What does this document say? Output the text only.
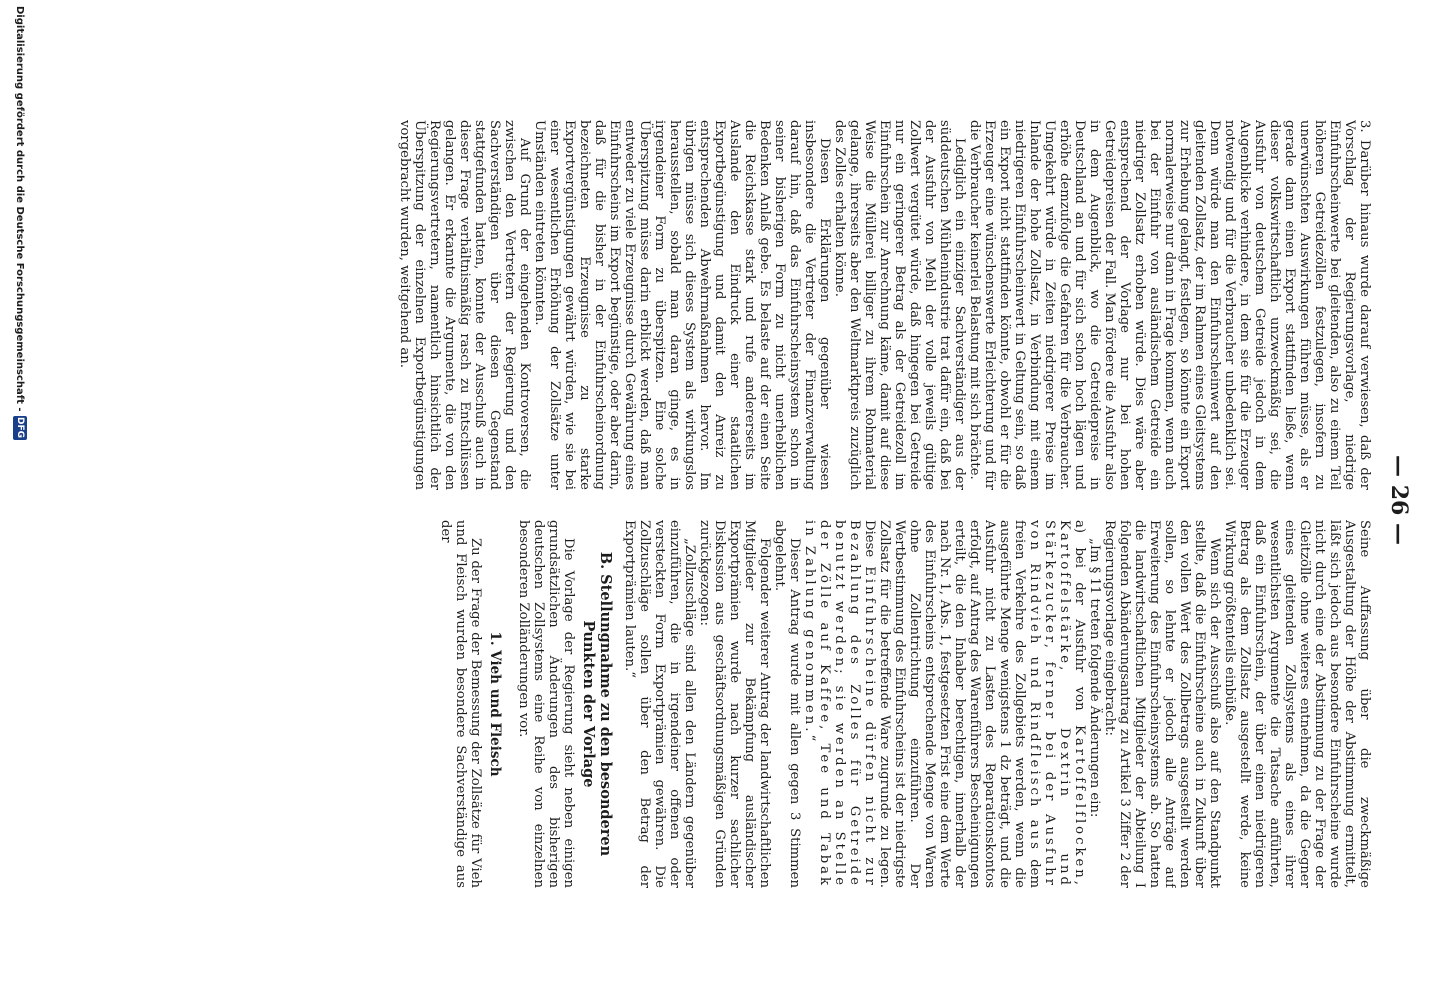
— 26 —

3. Darüber hinaus wurde darauf verwiesen, daß der Vorschlag der Regierungsvorlage, niedrige Einfuhrscheinwerte bei gleitenden, also zu einem Teil höheren Getreidezöllen festzulegen, insofern zu unerwünschten Auswirkungen führen müsse, als er gerade dann einen Export stattfinden ließe, wenn dieser volkswirtschaftlich unzweckmäßig sei, die Ausfuhr von deutschem Getreide jedoch in dem Augenblicke verhindere, in dem sie für die Erzeuger notwendig und für die Verbraucher unbedenklich sei. Denn würde man den Einfuhrscheinwert auf den gleitenden Zollsatz, der im Rahmen eines Gleitsystems zur Erhebung gelangt, festlegen, so könnte ein Export normalerweise nur dann in Frage kommen, wenn auch bei der Einfuhr von ausländischem Getreide ein niedriger Zollsatz erhoben würde. Dies wäre aber entsprechend der Vorlage nur bei hohen Getreidepreisen der Fall. Man fördere die Ausfuhr also in dem Augenblick, wo die Getreidepreise in Deutschland an und für sich schon hoch lägen und erhöhe demzufolge die Gefahren für die Verbraucher. Umgekehrt würde in Zeiten niedrigerer Preise im Inlande der hohe Zollsatz, in Verbindung mit einem niedrigeren Einfuhrscheinwert in Geltung sein, so daß ein Export nicht stattfinden könnte, obwohl er für die Erzeuger eine wünschenswerte Erleichterung und für die Verbraucher keinerlei Belastung mit sich brächte.

Lediglich ein einziger Sachverständiger aus der süddeutschen Mühlenindustrie trat dafür ein, daß bei der Ausfuhr von Mehl der volle jeweils gültige Zollwert vergütet würde, daß hingegen bei Getreide nur ein geringerer Betrag als der Getreidezoll im Einfuhrschein zur Anrechnung käme, damit auf diese Weise die Müllerei billiger zu ihrem Rohmaterial gelange, ihrerseits aber den Weltmarktpreis zuzüglich des Zolles erhalten könne.

Diesen Erklärungen gegenüber wiesen insbesondere die Vertreter der Finanzverwaltung darauf hin, daß das Einfuhrscheinsystem schon in seiner bisherigen Form zu nicht unerheblichen Bedenken Anlaß gebe. Es belaste auf der einen Seite die Reichskasse stark und rufe andererseits im Auslande den Eindruck einer staatlichen Exportbegünstigung und damit den Anreiz zu entsprechenden Abwehrmaßnahmen hervor. Im übrigen müsse sich dieses System als wirkungslos herausstellen, sobald man daran ginge, es in irgendeiner Form zu überspitzen. Eine solche Überspitzung müsse darin erblickt werden, daß man entweder zu viele Erzeugnisse durch Gewährung eines Einfuhrscheins im Export begünstige, oder aber darin, daß für die bisher in der Einfuhrscheinordnung bezeichneten Erzeugnisse zu starke Exportvergünstigungen gewährt würden, wie sie bei einer wesentlichen Erhöhung der Zollsätze unter Umständen eintreten könnten.

Auf Grund der eingehenden Kontroversen, die zwischen den Vertretern der Regierung und den Sachverständigen über diesen Gegenstand stattgefunden hatten, konnte der Ausschuß auch in dieser Frage verhältnismäßig rasch zu Entschlüssen gelangen. Er erkannte die Argumente, die von den Regierungsvertretern, namentlich hinsichtlich der Überspitzung der einzelnen Exportbegünstigungen vorgebracht wurden, weitgehend an.

Seine Auffassung über die zweckmäßige Ausgestaltung der Höhe der Abstimmung ermittelt, läßt sich jedoch aus besondere Einfuhrscheine wurde nicht durch eine der Abstimmung zu der Frage der Gleitzölle ohne weiteres entnehmen, da die Gegner eines gleitenden Zollsystems als eines ihrer wesentlichsten Argumente die Tatsache anführten, daß ein Einfuhrschein, der über einen niedrigeren Betrag als dem Zollsatz ausgestellt werde, keine Wirkung größtenteils einbüße.

Wenn sich der Ausschuß also auf den Standpunkt stellte, daß die Einfuhrscheine auch in Zukunft über den vollen Wert des Zollbetrags ausgestellt werden sollen, so lehnte er jedoch alle Anträge auf Erweiterung des Einfuhrscheinsystems ab. So hatten die landwirtschaftlichen Mitglieder der Abteilung I folgenden Abänderungsantrag zu Artikel 3 Ziffer 2 der Regierungsvorlage eingebracht:

„Im § 11 treten folgende Änderungen ein:

a) bei der Ausfuhr von Kartoffelflocken, Kartoffelstärke, Dextrin und Stärkezucker, ferner bei der Ausfuhr von Rindvieh und Rindfleisch aus dem freien Verkehre des Zollgebiets werden, wenn die ausgeführte Menge wenigstens 1 dz beträgt, und die Ausfuhr nicht zu Lasten des Reparationskontos erfolgt, auf Antrag des Warenführers Bescheinigungen erteilt, die den Inhaber berechtigen, innerhalb der nach Nr. 1, Abs. 1, festgesetzten Frist eine dem Werte des Einfuhrscheins entsprechende Menge von Waren ohne Zollentrichtung einzuführen. Der Wertbestimmung des Einfuhrscheins ist der niedrigste Zollsatz für die betreffende Ware zugrunde zu legen. Diese Einfuhrscheine dürfen nicht zur Bezahlung des Zolles für Getreide benutzt werden; sie werden an Stelle der Zölle auf Kaffee, Tee und Tabak in Zahlung genommen.“

Dieser Antrag wurde mit allen gegen 3 Stimmen abgelehnt.

Folgender weiterer Antrag der landwirtschaftlichen Mitglieder zur Bekämpfung ausländischer Exportprämien wurde nach kurzer sachlicher Diskussion aus geschäftsordnungsmäßigen Gründen zurückgezogen:

„Zollzuschläge sind allen den Ländern gegenüber einzuführen, die in irgendeiner offenen oder versteckten Form Exportprämien gewähren. Die Zollzuschläge sollen über den Betrag der Exportprämien lauten.“

B. Stellungnahme zu den besonderen Punkten der Vorlage

Die Vorlage der Regierung sieht neben einigen grundsätzlichen Änderungen des bisherigen deutschen Zollsystems eine Reihe von einzelnen besonderen Zolländerungen vor.

1. Vieh und Fleisch

Zu der Frage der Bemessung der Zollsätze für Vieh und Fleisch wurden besondere Sachverständige aus der

Digitalisierung gefördert durch die Deutsche Forschungsgemeinschaft -
DFG
